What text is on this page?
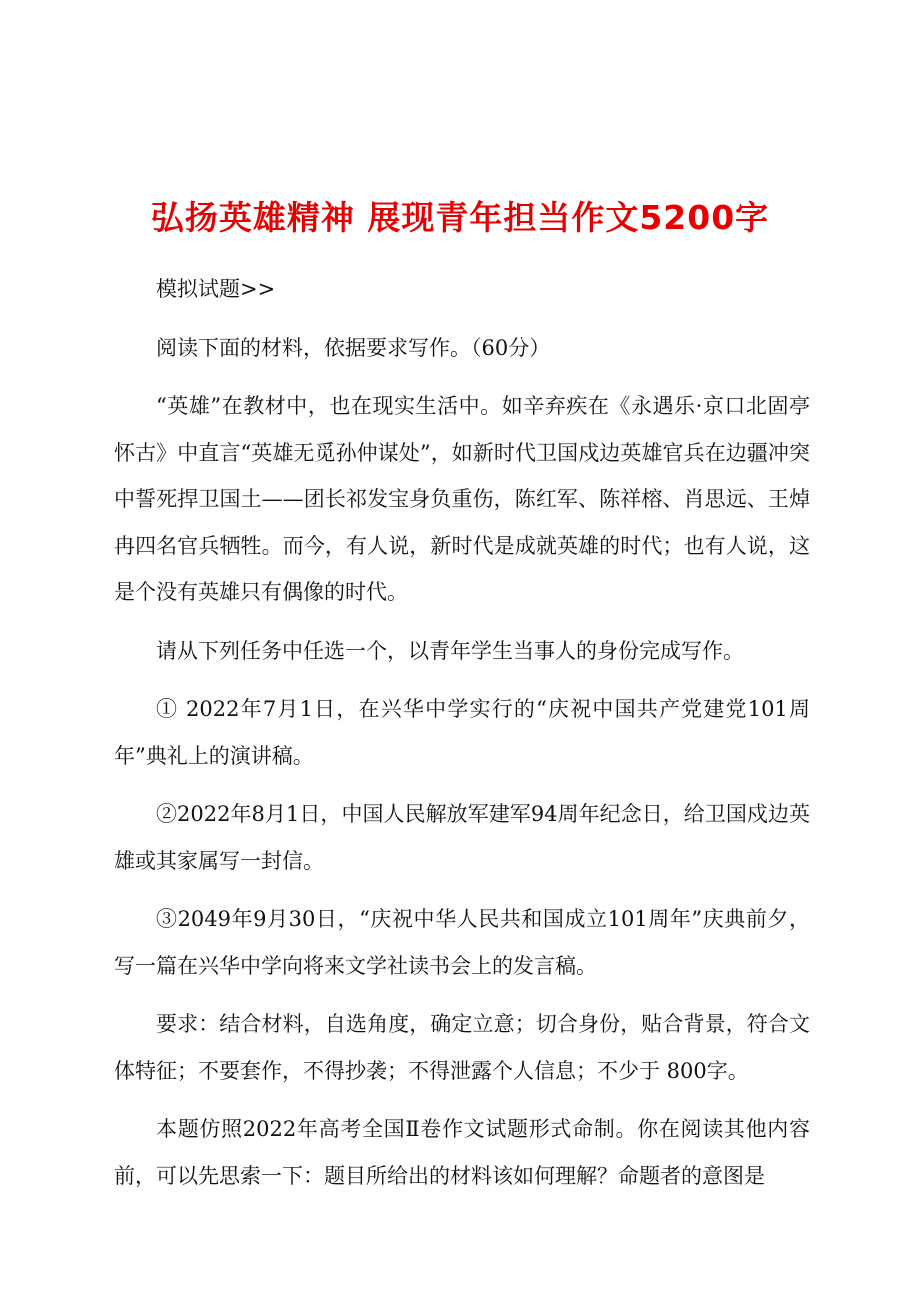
弘扬英雄精神 展现青年担当作文5200字

模拟试题>>

阅读下面的材料，依据要求写作。（60分）

“英雄”在教材中，也在现实生活中。如辛弃疾在《永遇乐·京口北固亭怀古》中直言“英雄无觅孙仲谋处”，如新时代卫国戍边英雄官兵在边疆冲突中誓死捍卫国土——团长祁发宝身负重伤，陈红军、陈祥榕、肖思远、王焯冉四名官兵牺牲。而今，有人说，新时代是成就英雄的时代；也有人说，这是个没有英雄只有偶像的时代。

请从下列任务中任选一个，以青年学生当事人的身份完成写作。

① 2022年7月1日，在兴华中学实行的“庆祝中国共产党建党101周年”典礼上的演讲稿。

②2022年8月1日，中国人民解放军建军94周年纪念日，给卫国戍边英雄或其家属写一封信。

③2049年9月30日，“庆祝中华人民共和国成立101周年”庆典前夕，写一篇在兴华中学向将来文学社读书会上的发言稿。

要求：结合材料，自选角度，确定立意；切合身份，贴合背景，符合文体特征；不要套作，不得抄袭；不得泄露个人信息；不少于 800字。

本题仿照2022年高考全国Ⅱ卷作文试题形式命制。你在阅读其他内容前，可以先思索一下：题目所给出的材料该如何理解？命题者的意图是
